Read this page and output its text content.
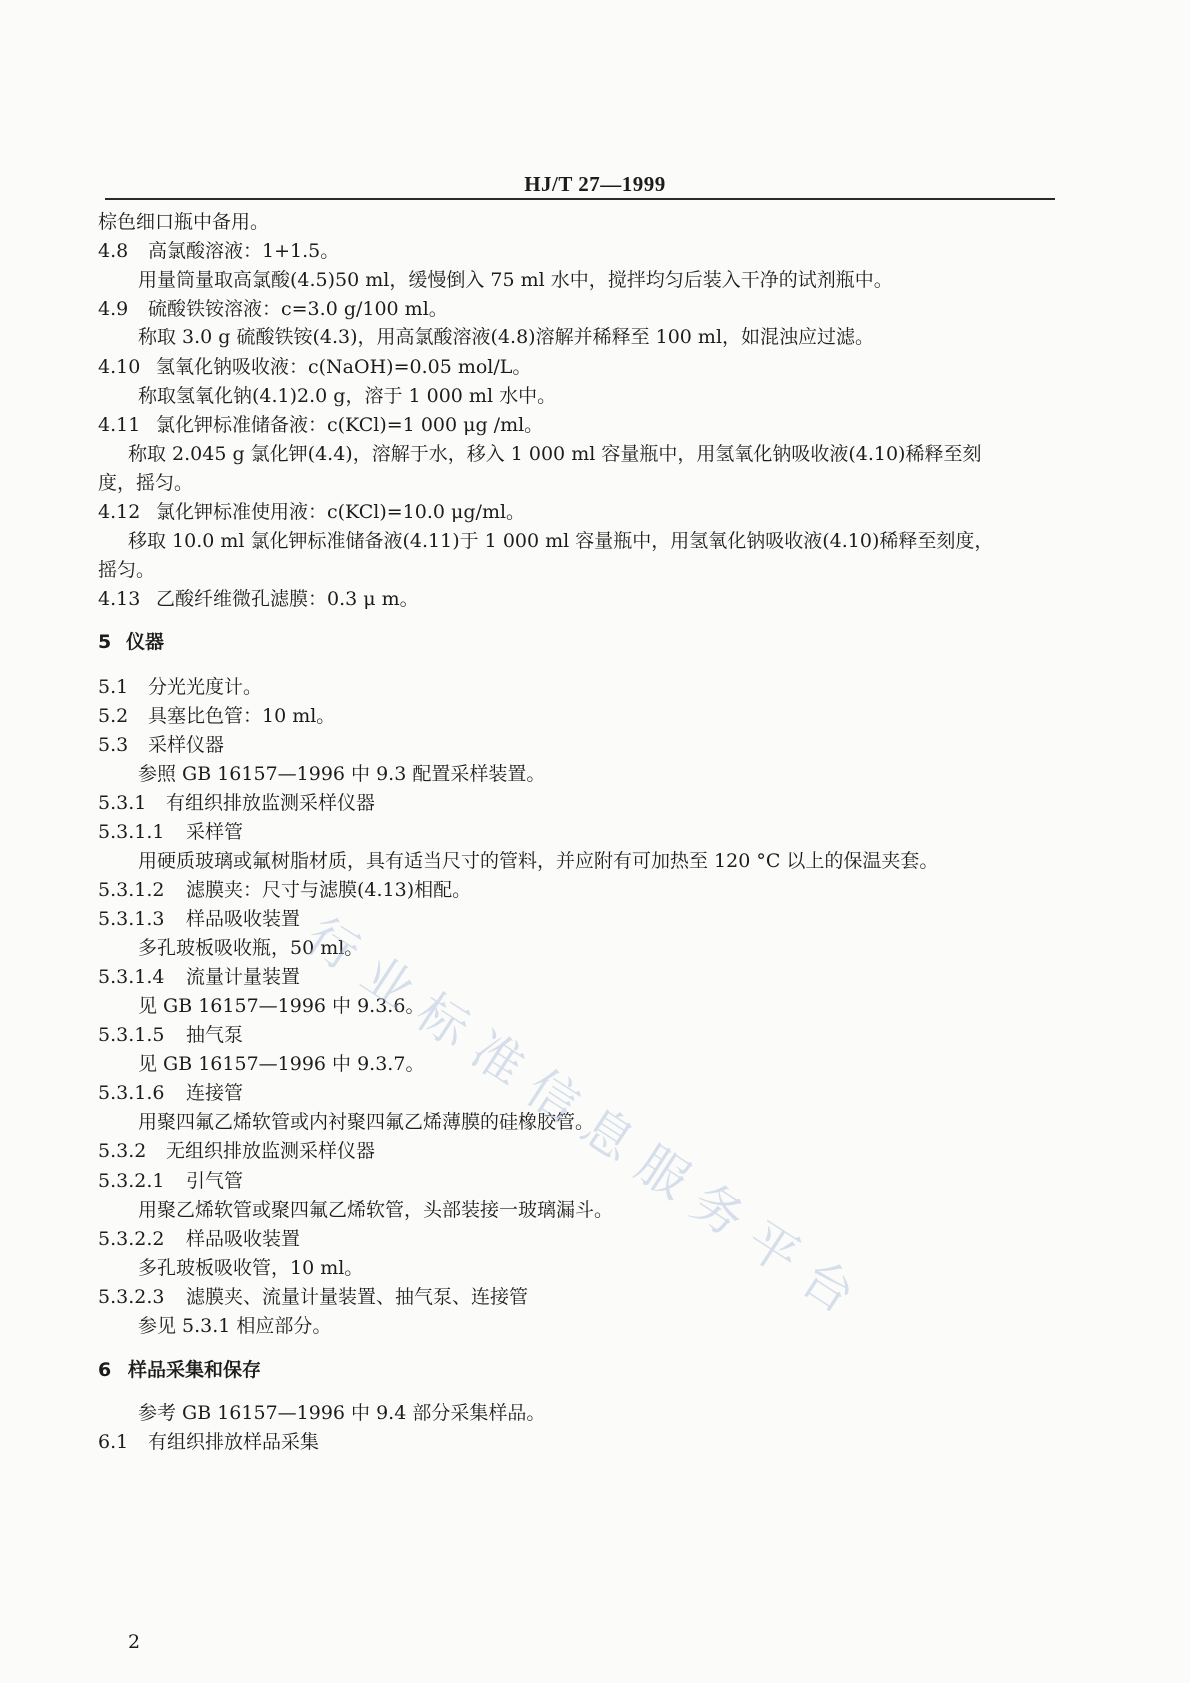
HJ/T 27—1999
棕色细口瓶中备用。
4.8 高氯酸溶液：1+1.5。
用量筒量取高氯酸(4.5)50 ml，缓慢倒入 75 ml 水中，搅拌均匀后装入干净的试剂瓶中。
4.9 硫酸铁铵溶液：c=3.0 g/100 ml。
称取 3.0 g 硫酸铁铵(4.3)，用高氯酸溶液(4.8)溶解并稀释至 100 ml，如混浊应过滤。
4.10 氢氧化钠吸收液：c(NaOH)=0.05 mol/L。
称取氢氧化钠(4.1)2.0 g，溶于 1 000 ml 水中。
4.11 氯化钾标准储备液：c(KCl)=1 000 μg /ml。
称取 2.045 g 氯化钾(4.4)，溶解于水，移入 1 000 ml 容量瓶中，用氢氧化钠吸收液(4.10)稀释至刻
度，摇匀。
4.12 氯化钾标准使用液：c(KCl)=10.0 μg/ml。
移取 10.0 ml 氯化钾标准储备液(4.11)于 1 000 ml 容量瓶中，用氢氧化钠吸收液(4.10)稀释至刻度，
摇匀。
4.13 乙酸纤维微孔滤膜：0.3 μ m。
5 仪器
5.1 分光光度计。
5.2 具塞比色管：10 ml。
5.3 采样仪器
参照 GB 16157—1996 中 9.3 配置采样装置。
5.3.1 有组织排放监测采样仪器
5.3.1.1 采样管
用硬质玻璃或氟树脂材质，具有适当尺寸的管料，并应附有可加热至 120 °C 以上的保温夹套。
5.3.1.2 滤膜夹：尺寸与滤膜(4.13)相配。
5.3.1.3 样品吸收装置
多孔玻板吸收瓶，50 ml。
5.3.1.4 流量计量装置
见 GB 16157—1996 中 9.3.6。
5.3.1.5 抽气泵
见 GB 16157—1996 中 9.3.7。
5.3.1.6 连接管
用聚四氟乙烯软管或内衬聚四氟乙烯薄膜的硅橡胶管。
5.3.2 无组织排放监测采样仪器
5.3.2.1 引气管
用聚乙烯软管或聚四氟乙烯软管，头部装接一玻璃漏斗。
5.3.2.2 样品吸收装置
多孔玻板吸收管，10 ml。
5.3.2.3 滤膜夹、流量计量装置、抽气泵、连接管
参见 5.3.1 相应部分。
6 样品采集和保存
参考 GB 16157—1996 中 9.4 部分采集样品。
6.1 有组织排放样品采集
2
行
业
标
准
信
息
服
务
平
台
